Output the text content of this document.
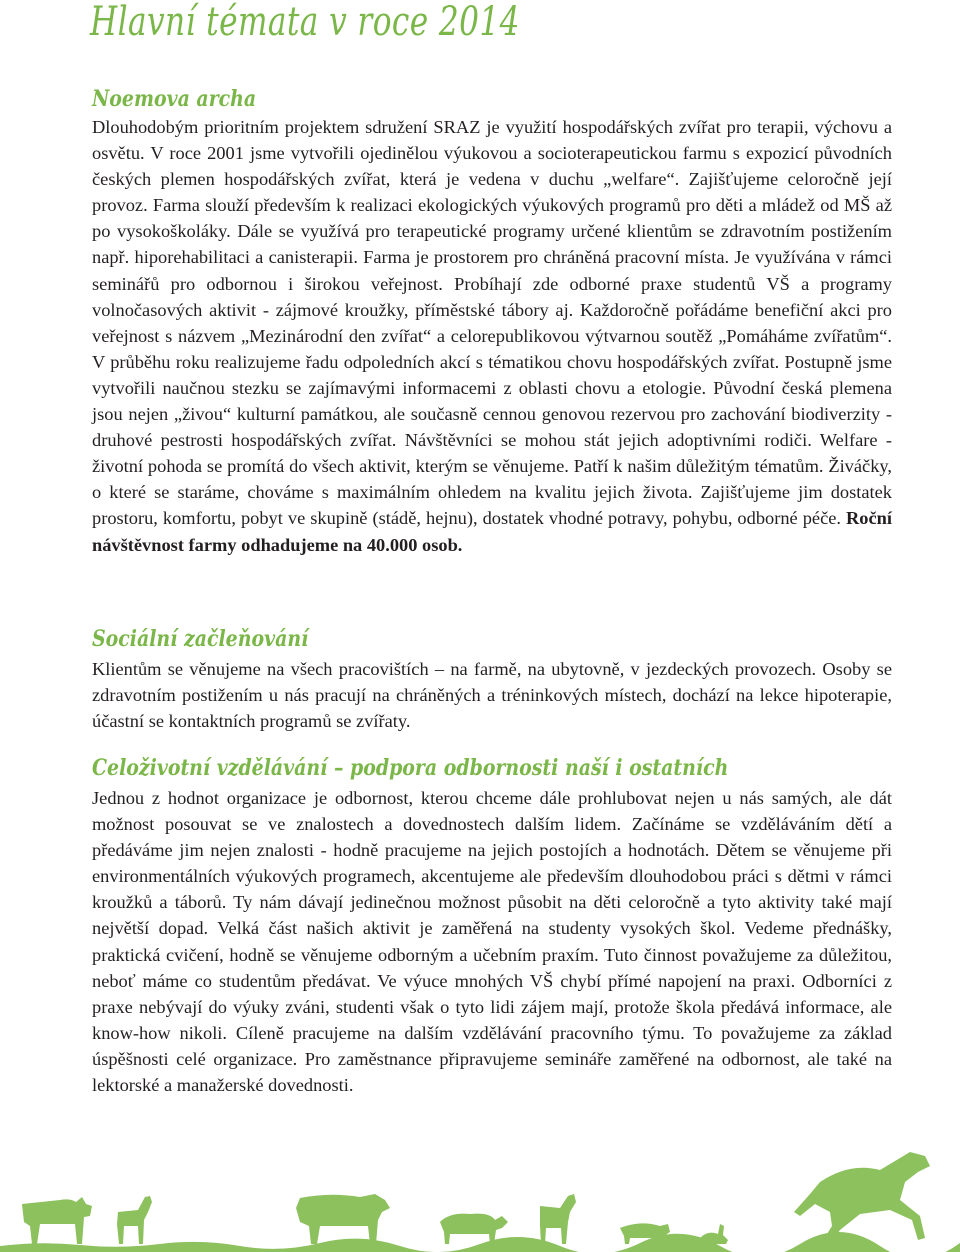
Hlavní témata v roce 2014
Noemova archa

Dlouhodobým prioritním projektem sdružení SRAZ je využití hospodářských zvířat pro terapii, výchovu a osvětu. V roce 2001 jsme vytvořili ojedinělou výukovou a socioterapeutickou farmu s expozicí původních českých plemen hospodářských zvířat, která je vedena v duchu „welfare“. Zajišťujeme celoročně její provoz. Farma slouží především k realizaci ekologických výukových programů pro děti a mládež od MŠ až po vysokoškoláky. Dále se využívá pro terapeutické programy určené klientům se zdravotním postižením např. hiporehabilitaci a canisterapii. Farma je prostorem pro chráněná pracovní místa. Je využívána v rámci seminářů pro odbornou i širokou veřejnost. Probíhají zde odborné praxe studentů VŠ a programy volnočasových aktivit - zájmové kroužky, příměstské tábory aj. Každoročně pořádáme benefiční akci pro veřejnost s názvem „Mezinárodní den zvířat“ a celorepublikovou výtvarnou soutěž „Pomáháme zvířatům“. V průběhu roku realizujeme řadu odpoledních akcí s tématikou chovu hospodářských zvířat. Postupně jsme vytvořili naučnou stezku se zajímavými informacemi z oblasti chovu a etologie. Původní česká plemena jsou nejen „živou“ kulturní památkou, ale současně cennou genovou rezervou pro zachování biodiverzity - druhové pestrosti hospodářských zvířat. Návštěvníci se mohou stát jejich adoptivními rodiči. Welfare - životní pohoda se promítá do všech aktivit, kterým se věnujeme. Patří k našim důležitým tématům. Živáčky, o které se staráme, chováme s maximálním ohledem na kvalitu jejich života. Zajišťujeme jim dostatek prostoru, komfortu, pobyt ve skupině (stádě, hejnu), dostatek vhodné potravy, pohybu, odborné péče. Roční návštěvnost farmy odhadujeme na 40.000 osob.

Sociální začleňování

Klientům se věnujeme na všech pracovištích – na farmě, na ubytovně, v jezdeckých provozech. Osoby se zdravotním postižením u nás pracují na chráněných a tréninkových místech, dochází na lekce hipoterapie, účastní se kontaktních programů se zvířaty.

Celoživotní vzdělávání – podpora odbornosti naší i ostatních

Jednou z hodnot organizace je odbornost, kterou chceme dále prohlubovat nejen u nás samých, ale dát možnost posouvat se ve znalostech a dovednostech dalším lidem. Začínáme se vzděláváním dětí a předáváme jim nejen znalosti - hodně pracujeme na jejich postojích a hodnotách. Dětem se věnujeme při environmentálních výukových programech, akcentujeme ale především dlouhodobou práci s dětmi v rámci kroužků a táborů. Ty nám dávají jedinečnou možnost působit na děti celoročně a tyto aktivity také mají největší dopad. Velká část našich aktivit je zaměřená na studenty vysokých škol. Vedeme přednášky, praktická cvičení, hodně se věnujeme odborným a učebním praxím. Tuto činnost považujeme za důležitou, neboť máme co studentům předávat. Ve výuce mnohých VŠ chybí přímé napojení na praxi. Odborníci z praxe nebývají do výuky zváni, studenti však o tyto lidi zájem mají, protože škola předává informace, ale know-how nikoli. Cíleně pracujeme na dalším vzdělávání pracovního týmu. To považujeme za základ úspěšnosti celé organizace. Pro zaměstnance připravujeme semináře zaměřené na odbornost, ale také na lektorské a manažerské dovednosti.
